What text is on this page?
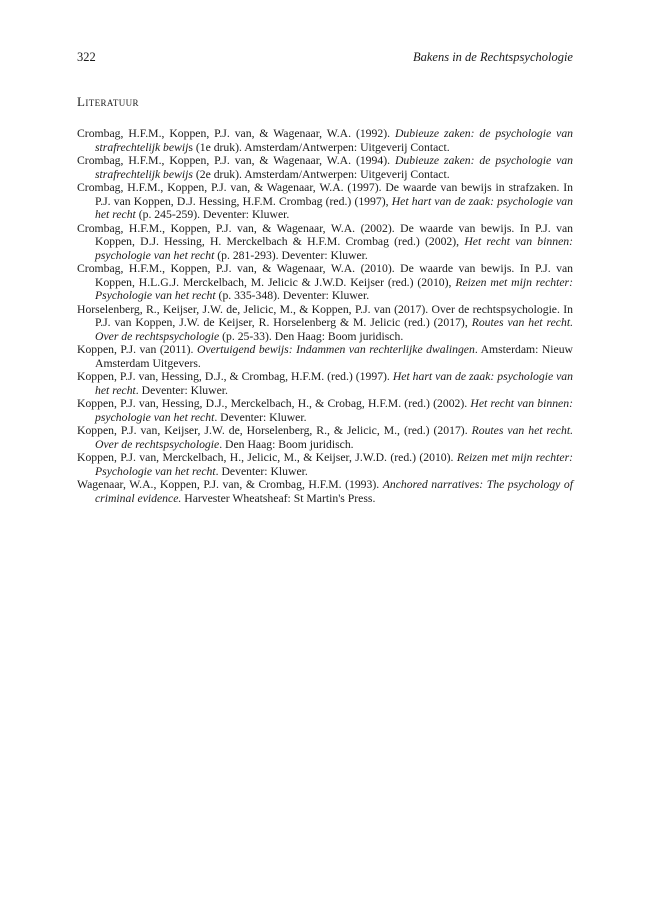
322	Bakens in de Rechtspsychologie
Literatuur

Crombag, H.F.M., Koppen, P.J. van, & Wagenaar, W.A. (1992). Dubieuze zaken: de psychologie van strafrechtelijk bewijs (1e druk). Amsterdam/Antwerpen: Uitgeverij Contact.

Crombag, H.F.M., Koppen, P.J. van, & Wagenaar, W.A. (1994). Dubieuze zaken: de psychologie van strafrechtelijk bewijs (2e druk). Amsterdam/Antwerpen: Uitgeverij Contact.

Crombag, H.F.M., Koppen, P.J. van, & Wagenaar, W.A. (1997). De waarde van bewijs in strafzaken. In P.J. van Koppen, D.J. Hessing, H.F.M. Crombag (red.) (1997), Het hart van de zaak: psychologie van het recht (p. 245-259). Deventer: Kluwer.

Crombag, H.F.M., Koppen, P.J. van, & Wagenaar, W.A. (2002). De waarde van bewijs. In P.J. van Koppen, D.J. Hessing, H. Merckelbach & H.F.M. Crombag (red.) (2002), Het recht van binnen: psychologie van het recht (p. 281-293). Deventer: Kluwer.

Crombag, H.F.M., Koppen, P.J. van, & Wagenaar, W.A. (2010). De waarde van bewijs. In P.J. van Koppen, H.L.G.J. Merckelbach, M. Jelicic & J.W.D. Keijser (red.) (2010), Reizen met mijn rechter: Psychologie van het recht (p. 335-348). Deventer: Kluwer.

Horselenberg, R., Keijser, J.W. de, Jelicic, M., & Koppen, P.J. van (2017). Over de rechtspsychologie. In P.J. van Koppen, J.W. de Keijser, R. Horselenberg & M. Jelicic (red.) (2017), Routes van het recht. Over de rechtspsychologie (p. 25-33). Den Haag: Boom juridisch.

Koppen, P.J. van (2011). Overtuigend bewijs: Indammen van rechterlijke dwalingen. Amsterdam: Nieuw Amsterdam Uitgevers.

Koppen, P.J. van, Hessing, D.J., & Crombag, H.F.M. (red.) (1997). Het hart van de zaak: psychologie van het recht. Deventer: Kluwer.

Koppen, P.J. van, Hessing, D.J., Merckelbach, H., & Crobag, H.F.M. (red.) (2002). Het recht van binnen: psychologie van het recht. Deventer: Kluwer.

Koppen, P.J. van, Keijser, J.W. de, Horselenberg, R., & Jelicic, M., (red.) (2017). Routes van het recht. Over de rechtspsychologie. Den Haag: Boom juridisch.

Koppen, P.J. van, Merckelbach, H., Jelicic, M., & Keijser, J.W.D. (red.) (2010). Reizen met mijn rechter: Psychologie van het recht. Deventer: Kluwer.

Wagenaar, W.A., Koppen, P.J. van, & Crombag, H.F.M. (1993). Anchored narratives: The psychology of criminal evidence. Harvester Wheatsheaf: St Martin's Press.
